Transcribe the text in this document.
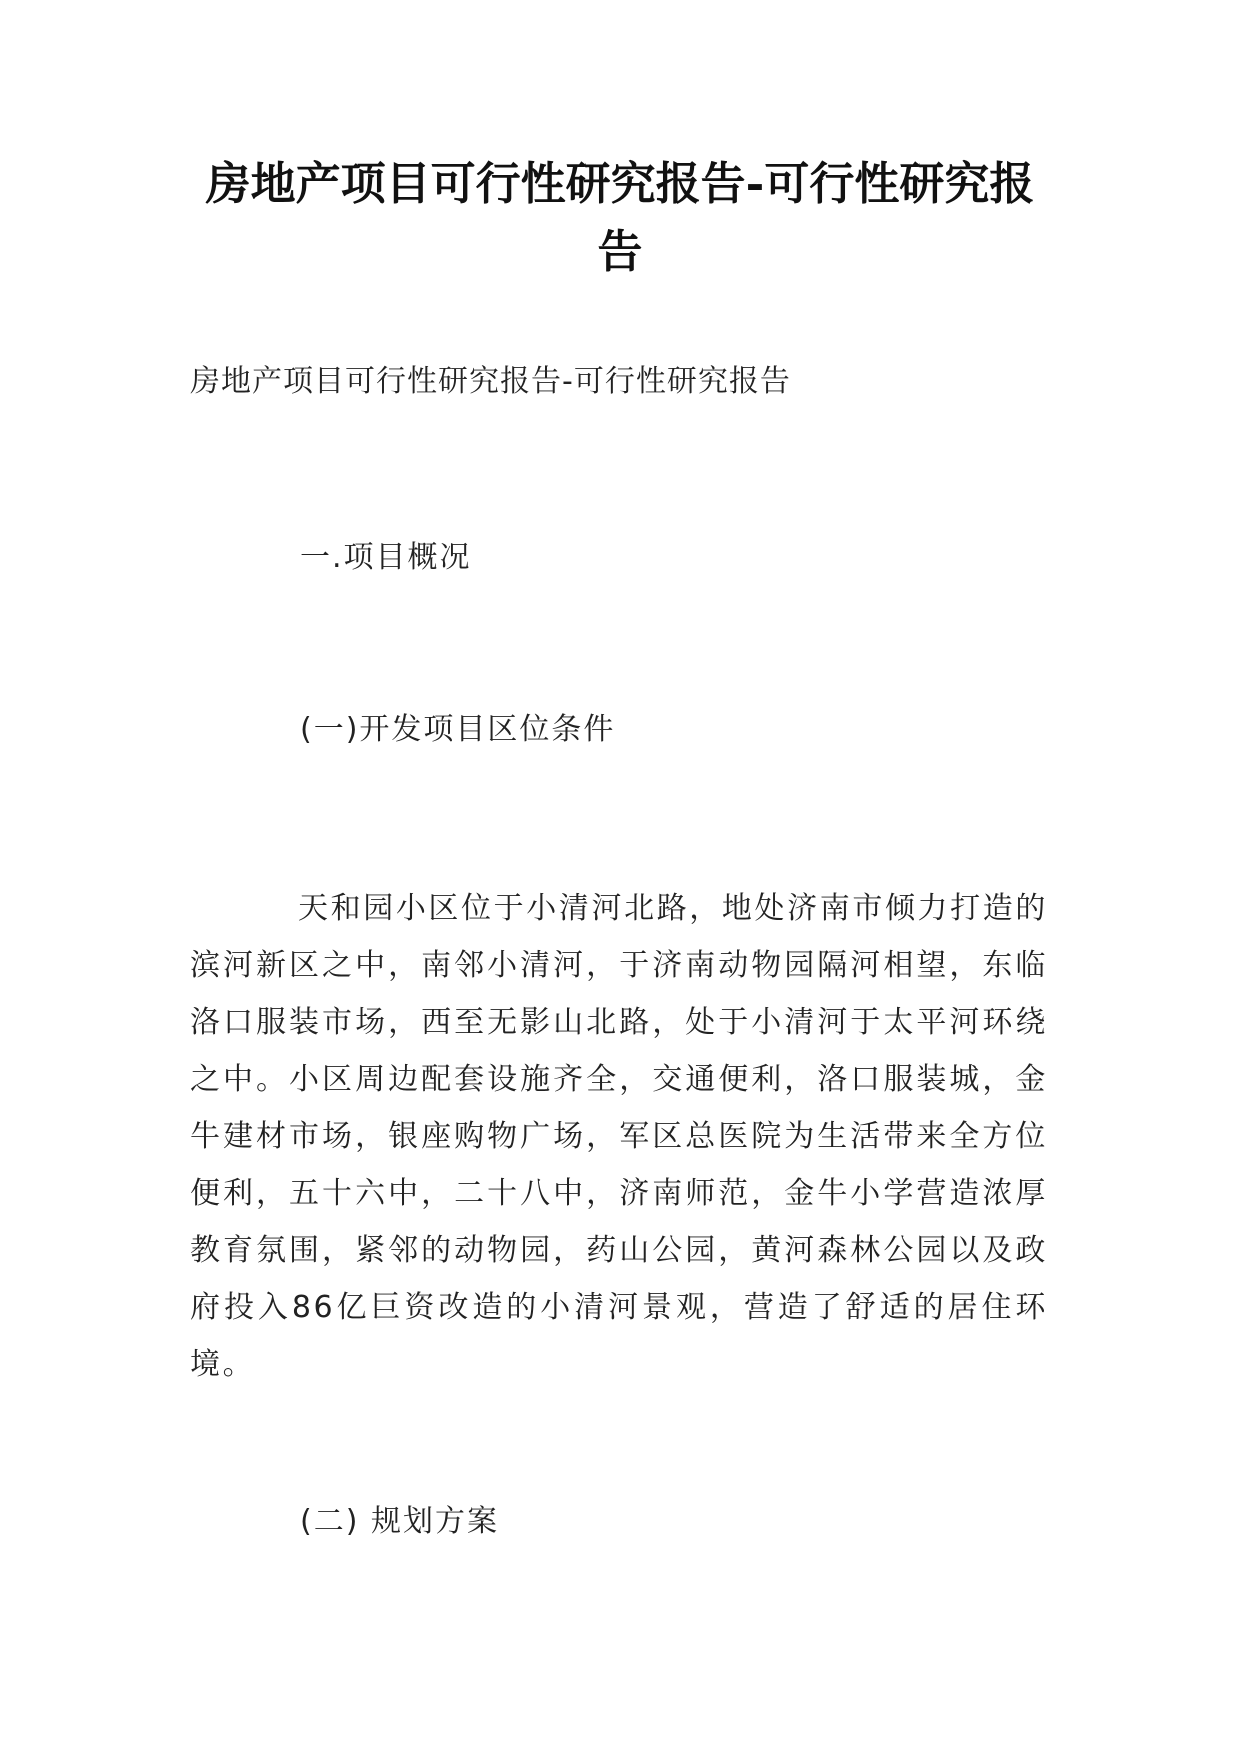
房地产项目可行性研究报告-可行性研究报告

房地产项目可行性研究报告-可行性研究报告

一.项目概况

(一)开发项目区位条件

天和园小区位于小清河北路，地处济南市倾力打造的滨河新区之中，南邻小清河，于济南动物园隔河相望，东临洛口服装市场，西至无影山北路，处于小清河于太平河环绕之中。小区周边配套设施齐全，交通便利，洛口服装城，金牛建材市场，银座购物广场，军区总医院为生活带来全方位便利，五十六中，二十八中，济南师范，金牛小学营造浓厚教育氛围，紧邻的动物园，药山公园，黄河森林公园以及政府投入86亿巨资改造的小清河景观，营造了舒适的居住环境。

(二) 规划方案
